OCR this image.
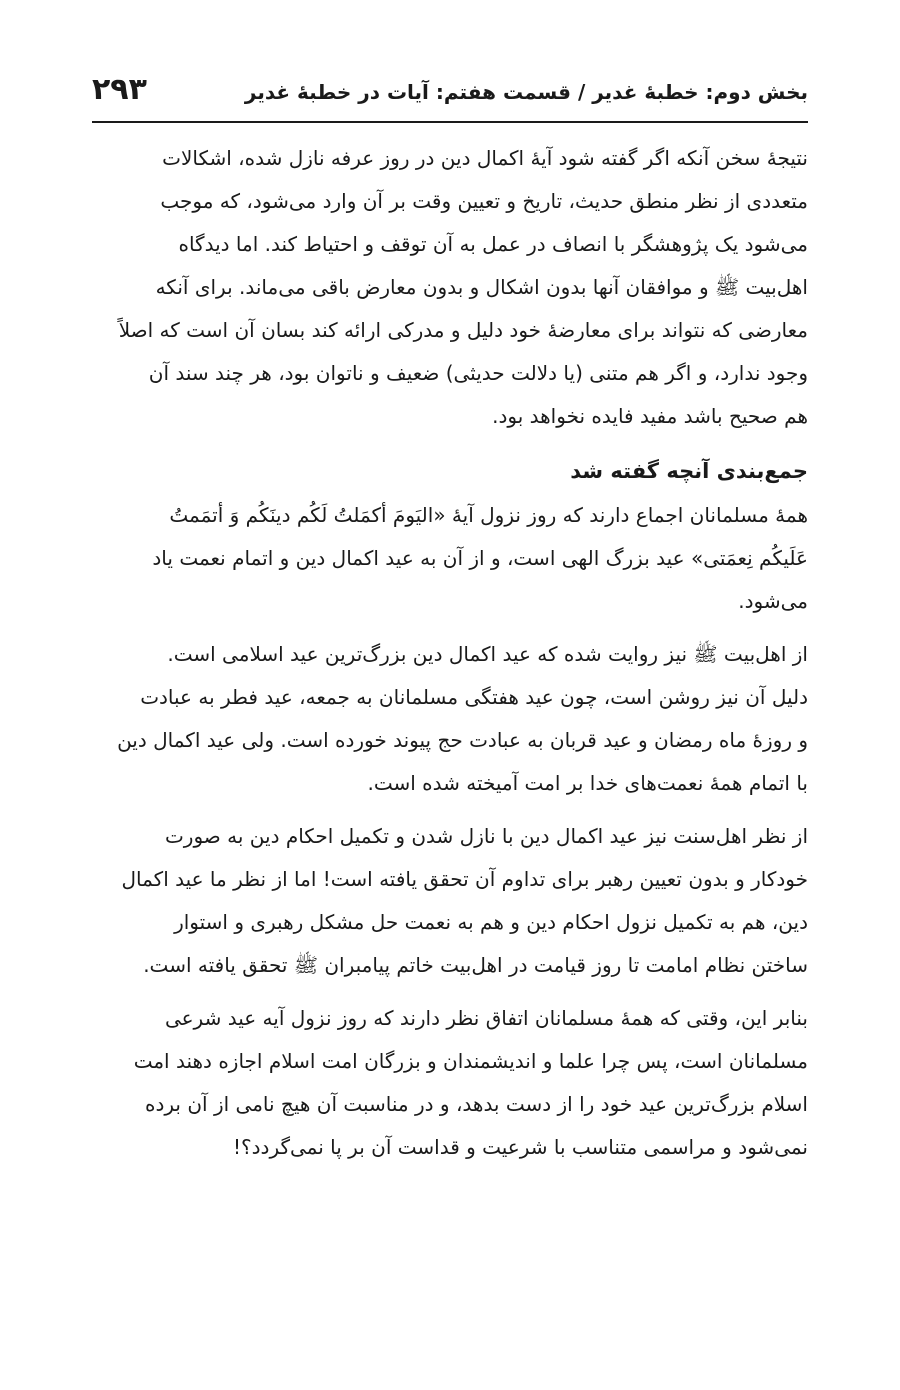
بخش دوم: خطبهٔ غدیر / قسمت هفتم: آیات در خطبهٔ غدیر
۲۹۳
نتیجهٔ سخن آنکه اگر گفته شود آیهٔ اکمال دین در روز عرفه نازل شده، اشکالات
متعددی از نظر منطق حدیث، تاریخ و تعیین وقت بر آن وارد می‌شود، که موجب
می‌شود یک پژوهشگر با انصاف در عمل به آن توقف و احتیاط کند. اما دیدگاه
اهل‌بیت ﷺ و موافقان آنها بدون اشکال و بدون معارض باقی می‌ماند. برای آنکه
معارضی که نتواند برای معارضهٔ خود دلیل و مدرکی ارائه کند بسان آن است که اصلاً
وجود ندارد، و اگر هم متنی (یا دلالت حدیثی) ضعیف و ناتوان بود، هر چند سند آن
هم صحیح باشد مفید فایده نخواهد بود.
جمع‌بندی آنچه گفته شد
همهٔ مسلمانان اجماع دارند که روز نزول آیهٔ «الیَومَ أکمَلتُ لَکُم دینَکُم وَ أتمَمتُ
عَلَیکُم نِعمَتی» عید بزرگ الهی است، و از آن به عید اکمال دین و اتمام نعمت یاد
می‌شود.
از اهل‌بیت ﷺ نیز روایت شده که عید اکمال دین بزرگ‌ترین عید اسلامی است.
دلیل آن نیز روشن است، چون عید هفتگی مسلمانان به جمعه، عید فطر به عبادت
و روزهٔ ماه رمضان و عید قربان به عبادت حج پیوند خورده است. ولی عید اکمال دین
با اتمام همهٔ نعمت‌های خدا بر امت آمیخته شده است.
از نظر اهل‌سنت نیز عید اکمال دین با نازل شدن و تکمیل احکام دین به صورت
خودکار و بدون تعیین رهبر برای تداوم آن تحقق یافته است! اما از نظر ما عید اکمال
دین، هم به تکمیل نزول احکام دین و هم به نعمت حل مشکل رهبری و استوار
ساختن نظام امامت تا روز قیامت در اهل‌بیت خاتم پیامبران ﷺ تحقق یافته است.
بنابر این، وقتی که همهٔ مسلمانان اتفاق نظر دارند که روز نزول آیه عید شرعی
مسلمانان است، پس چرا علما و اندیشمندان و بزرگان امت اسلام اجازه دهند امت
اسلام بزرگ‌ترین عید خود را از دست بدهد، و در مناسبت آن هیچ نامی از آن برده
نمی‌شود و مراسمی متناسب با شرعیت و قداست آن بر پا نمی‌گردد؟!
